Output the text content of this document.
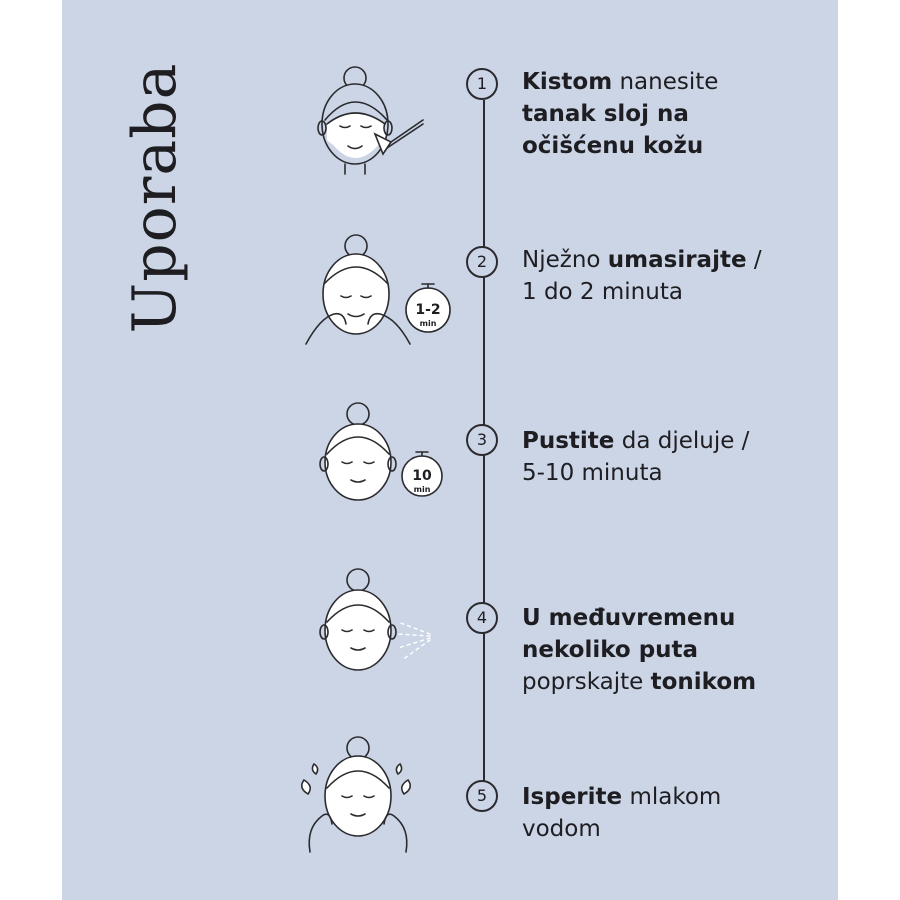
Uporaba	1
2
3
4
5
Kistom nanesite tanak sloj na očišćenu kožu
Nježno umasirajte / 1 do 2 minuta
Pustite da djeluje / 5-10 minuta
U međuvremenu nekoliko puta poprskajte tonikom
Isperite mlakom vodom
1-2
min
10
min
